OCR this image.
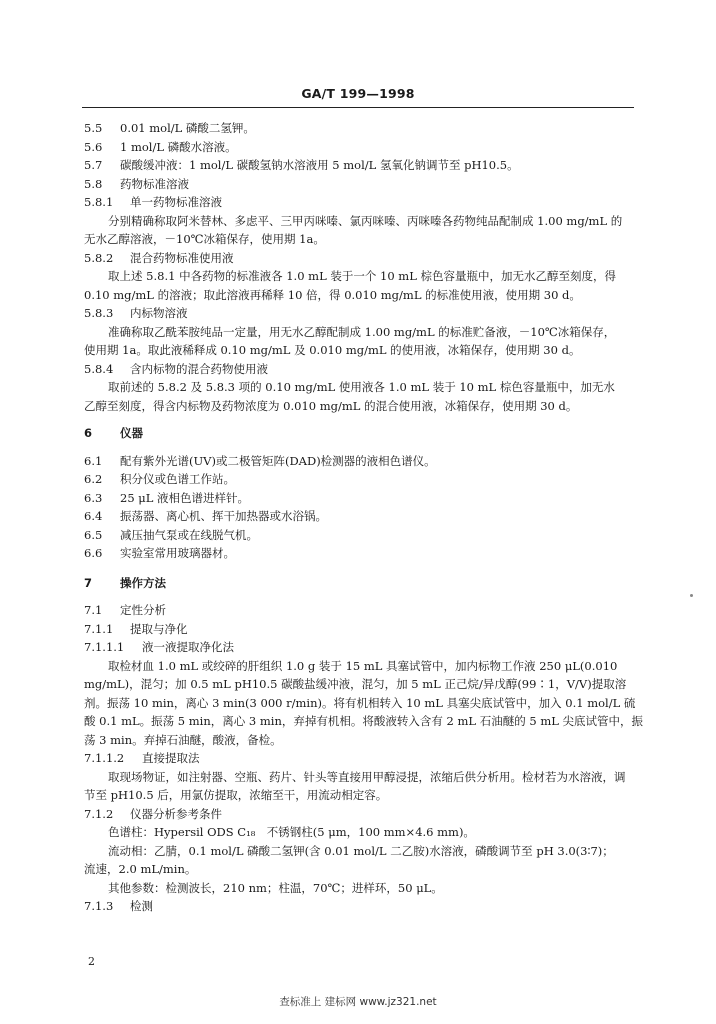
GA/T 199—1998
5.5	0.01 mol/L 磷酸二氢钾。
5.6	1 mol/L 磷酸水溶液。
5.7	碳酸缓冲液：1 mol/L 碳酸氢钠水溶液用 5 mol/L 氢氧化钠调节至 pH10.5。
5.8	药物标准溶液
5.8.1	单一药物标准溶液
分别精确称取阿米替林、多虑平、三甲丙咪嗪、氯丙咪嗪、丙咪嗪各药物纯品配制成 1.00 mg/mL 的
无水乙醇溶液，－10℃冰箱保存，使用期 1a。
5.8.2	混合药物标准使用液
取上述 5.8.1 中各药物的标准液各 1.0 mL 装于一个 10 mL 棕色容量瓶中，加无水乙醇至刻度，得
0.10 mg/mL 的溶液；取此溶液再稀释 10 倍，得 0.010 mg/mL 的标准使用液，使用期 30 d。
5.8.3	内标物溶液
准确称取乙酰苯胺纯品一定量，用无水乙醇配制成 1.00 mg/mL 的标准贮备液，－10℃冰箱保存，
使用期 1a。取此液稀释成 0.10 mg/mL 及 0.010 mg/mL 的使用液，冰箱保存，使用期 30 d。
5.8.4	含内标物的混合药物使用液
取前述的 5.8.2 及 5.8.3 项的 0.10 mg/mL 使用液各 1.0 mL 装于 10 mL 棕色容量瓶中，加无水
乙醇至刻度，得含内标物及药物浓度为 0.010 mg/mL 的混合使用液，冰箱保存，使用期 30 d。
6	仪器
6.1	配有紫外光谱(UV)或二极管矩阵(DAD)检测器的液相色谱仪。
6.2	积分仪或色谱工作站。
6.3	25 μL 液相色谱进样针。
6.4	振荡器、离心机、挥干加热器或水浴锅。
6.5	减压抽气泵或在线脱气机。
6.6	实验室常用玻璃器材。
7	操作方法
7.1	定性分析
7.1.1	提取与净化
7.1.1.1	液一液提取净化法
取检材血 1.0 mL 或绞碎的肝组织 1.0 g 装于 15 mL 具塞试管中，加内标物工作液 250 μL(0.010
mg/mL)，混匀；加 0.5 mL pH10.5 碳酸盐缓冲液，混匀，加 5 mL 正己烷/异戊醇(99∶1，V/V)提取溶
剂。振荡 10 min，离心 3 min(3 000 r/min)。将有机相转入 10 mL 具塞尖底试管中，加入 0.1 mol/L 硫
酸 0.1 mL。振荡 5 min，离心 3 min，弃掉有机相。将酸液转入含有 2 mL 石油醚的 5 mL 尖底试管中，振
荡 3 min。弃掉石油醚，酸液，备检。
7.1.1.2	直接提取法
取现场物证，如注射器、空瓶、药片、针头等直接用甲醇浸提，浓缩后供分析用。检材若为水溶液，调
节至 pH10.5 后，用氯仿提取，浓缩至干，用流动相定容。
7.1.2	仪器分析参考条件
色谱柱：Hypersil ODS C₁₈　不锈钢柱(5 μm，100 mm×4.6 mm)。
流动相：乙腈，0.1 mol/L 磷酸二氢钾(含 0.01 mol/L 二乙胺)水溶液，磷酸调节至 pH 3.0(3∶7)；
流速，2.0 mL/min。
其他参数：检测波长，210 nm；柱温，70℃；进样环，50 μL。
7.1.3	检测
2
查标准上 建标网 www.jz321.net
